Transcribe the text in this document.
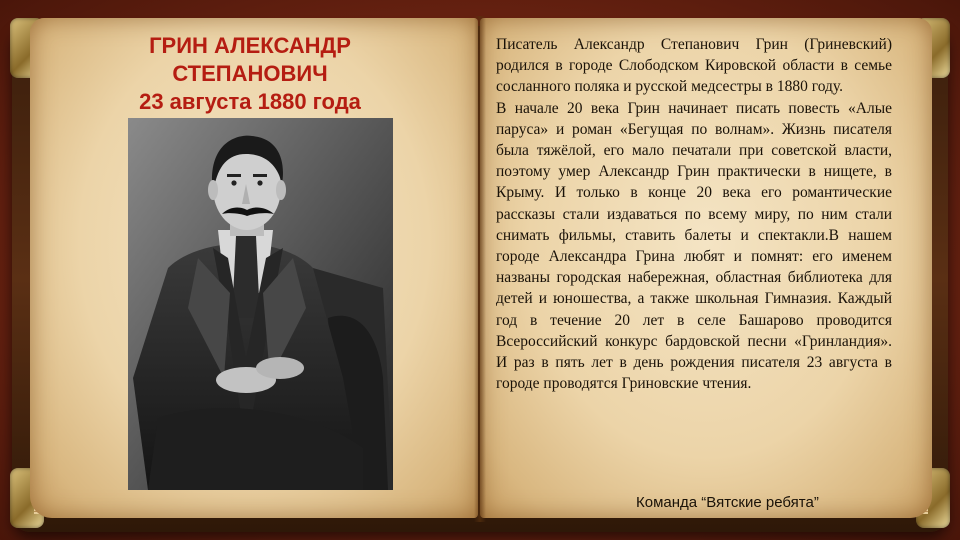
ГРИН АЛЕКСАНДР
СТЕПАНОВИЧ
23 августа 1880 года

Писатель Александр Степанович Грин (Гриневский) родился в городе Слободском Кировской области в семье сосланного поляка и русской медсестры в 1880 году.

В начале 20 века Грин начинает писать повесть «Алые паруса» и роман «Бегущая по волнам». Жизнь писателя была тяжёлой, его мало печатали при советской власти, поэтому умер Александр Грин практически в нищете, в Крыму. И только в конце 20 века его романтические рассказы стали издаваться по всему миру, по ним стали снимать фильмы, ставить балеты и спектакли.В нашем городе Александра Грина любят и помнят: его именем названы городская набережная, областная библиотека для детей и юношества, а также школьная Гимназия. Каждый год в течение 20 лет в селе Башарово проводится Всероссийский конкурс бардовской песни «Гринландия». И раз в пять лет в день рождения писателя 23 августа в городе проводятся Гриновские чтения.

Команда “Вятские ребята”
